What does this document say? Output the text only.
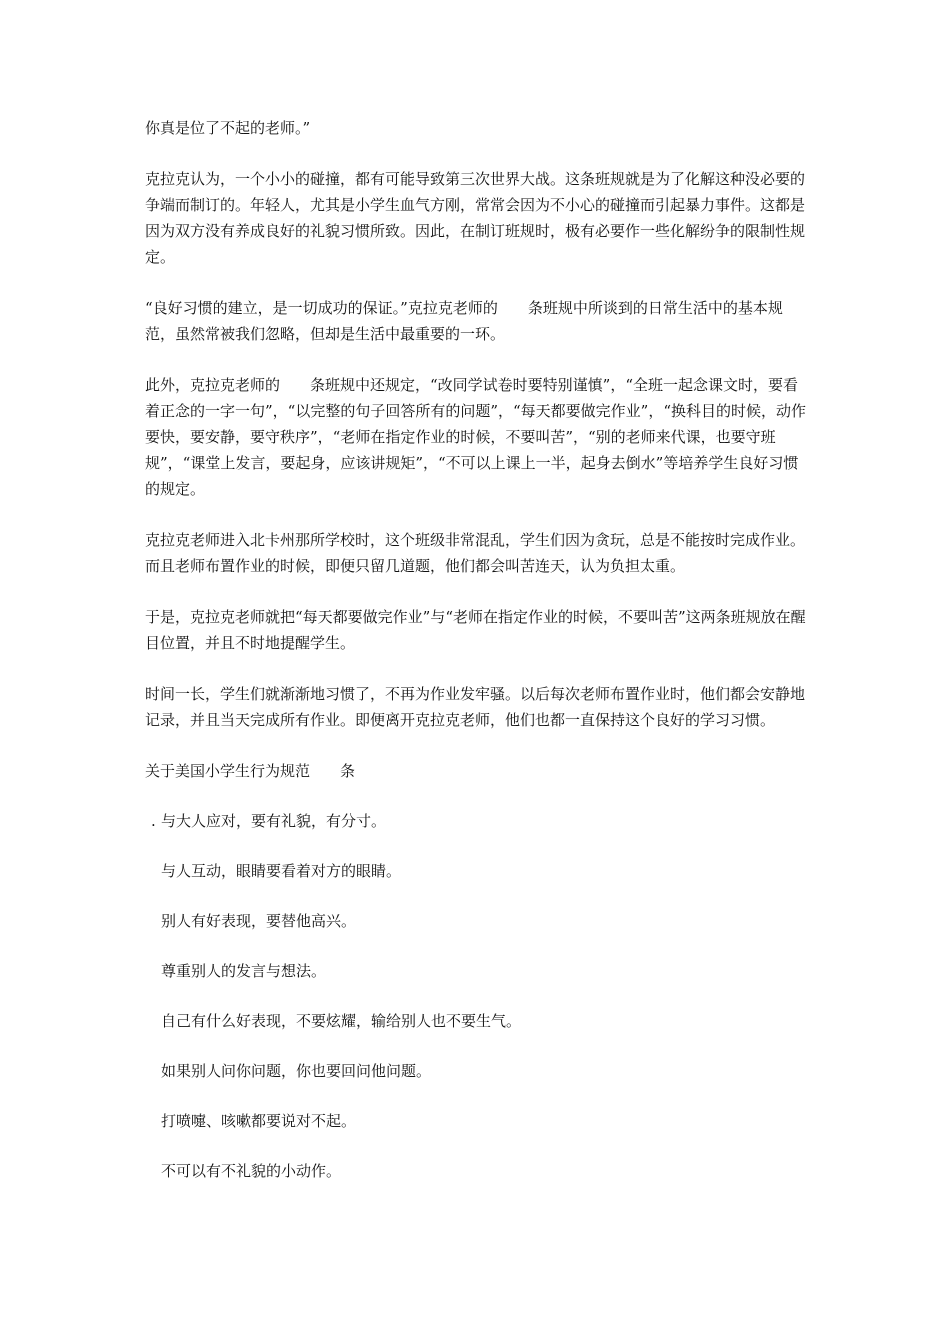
你真是位了不起的老师。”

克拉克认为，一个小小的碰撞，都有可能导致第三次世界大战。这条班规就是为了化解这种没必要的争端而制订的。年轻人，尤其是小学生血气方刚，常常会因为不小心的碰撞而引起暴力事件。这都是因为双方没有养成良好的礼貌习惯所致。因此，在制订班规时，极有必要作一些化解纷争的限制性规定。

“良好习惯的建立，是一切成功的保证。”克拉克老师的　　条班规中所谈到的日常生活中的基本规范，虽然常被我们忽略，但却是生活中最重要的一环。

此外，克拉克老师的　　条班规中还规定，“改同学试卷时要特别谨慎”，“全班一起念课文时，要看着正念的一字一句”，“以完整的句子回答所有的问题”，“每天都要做完作业”，“换科目的时候，动作要快，要安静，要守秩序”，“老师在指定作业的时候，不要叫苦”，“别的老师来代课，也要守班规”，“课堂上发言，要起身，应该讲规矩”，“不可以上课上一半，起身去倒水”等培养学生良好习惯的规定。

克拉克老师进入北卡州那所学校时，这个班级非常混乱，学生们因为贪玩，总是不能按时完成作业。而且老师布置作业的时候，即便只留几道题，他们都会叫苦连天，认为负担太重。

于是，克拉克老师就把“每天都要做完作业”与“老师在指定作业的时候，不要叫苦”这两条班规放在醒目位置，并且不时地提醒学生。

时间一长，学生们就渐渐地习惯了，不再为作业发牢骚。以后每次老师布置作业时，他们都会安静地记录，并且当天完成所有作业。即便离开克拉克老师，他们也都一直保持这个良好的学习习惯。

关于美国小学生行为规范　　条
. 与大人应对，要有礼貌，有分寸。
与人互动，眼睛要看着对方的眼睛。
别人有好表现，要替他高兴。
尊重别人的发言与想法。
自己有什么好表现，不要炫耀，输给别人也不要生气。
如果别人问你问题，你也要回问他问题。
打喷嚏、咳嗽都要说对不起。
不可以有不礼貌的小动作。
